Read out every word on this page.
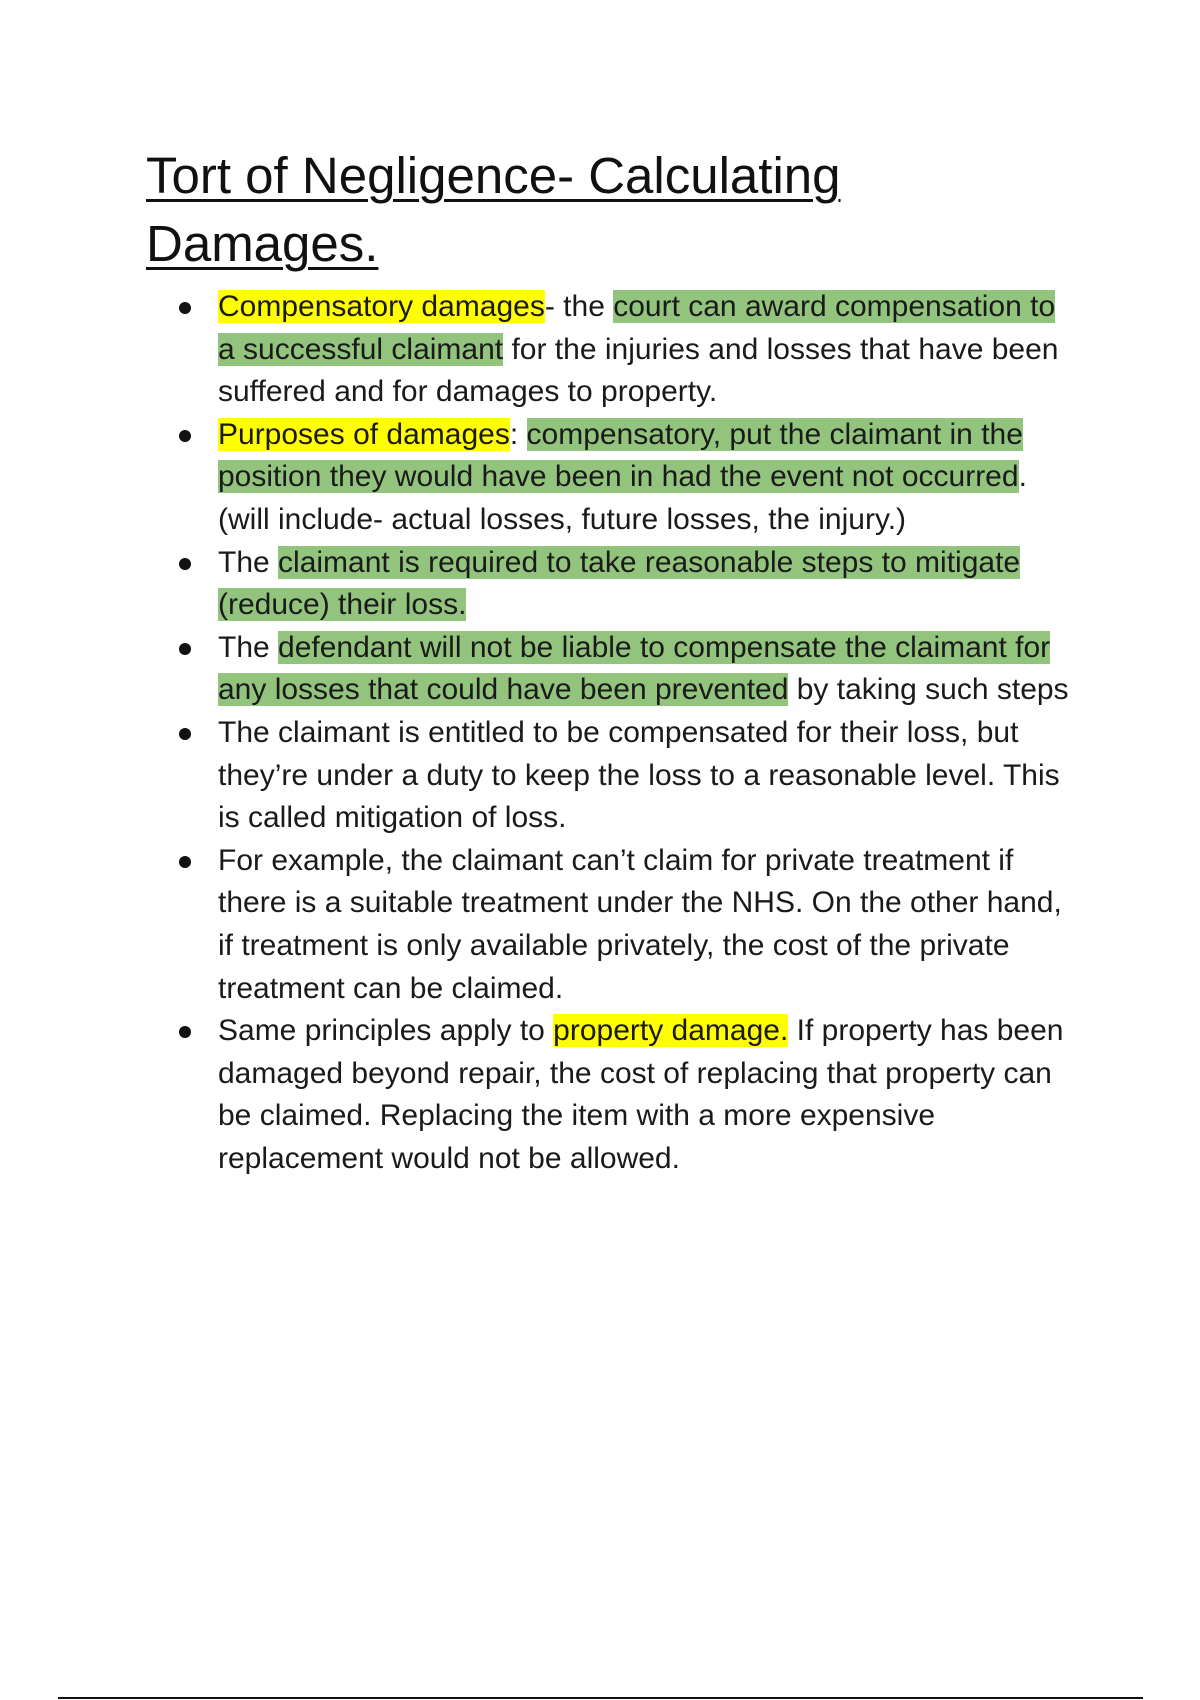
Tort of Negligence- Calculating Damages.
Compensatory damages- the court can award compensation to a successful claimant for the injuries and losses that have been suffered and for damages to property.
Purposes of damages: compensatory, put the claimant in the position they would have been in had the event not occurred. (will include- actual losses, future losses, the injury.)
The claimant is required to take reasonable steps to mitigate (reduce) their loss.
The defendant will not be liable to compensate the claimant for any losses that could have been prevented by taking such steps
The claimant is entitled to be compensated for their loss, but they’re under a duty to keep the loss to a reasonable level. This is called mitigation of loss.
For example, the claimant can’t claim for private treatment if there is a suitable treatment under the NHS. On the other hand, if treatment is only available privately, the cost of the private treatment can be claimed.
Same principles apply to property damage. If property has been damaged beyond repair, the cost of replacing that property can be claimed. Replacing the item with a more expensive replacement would not be allowed.
